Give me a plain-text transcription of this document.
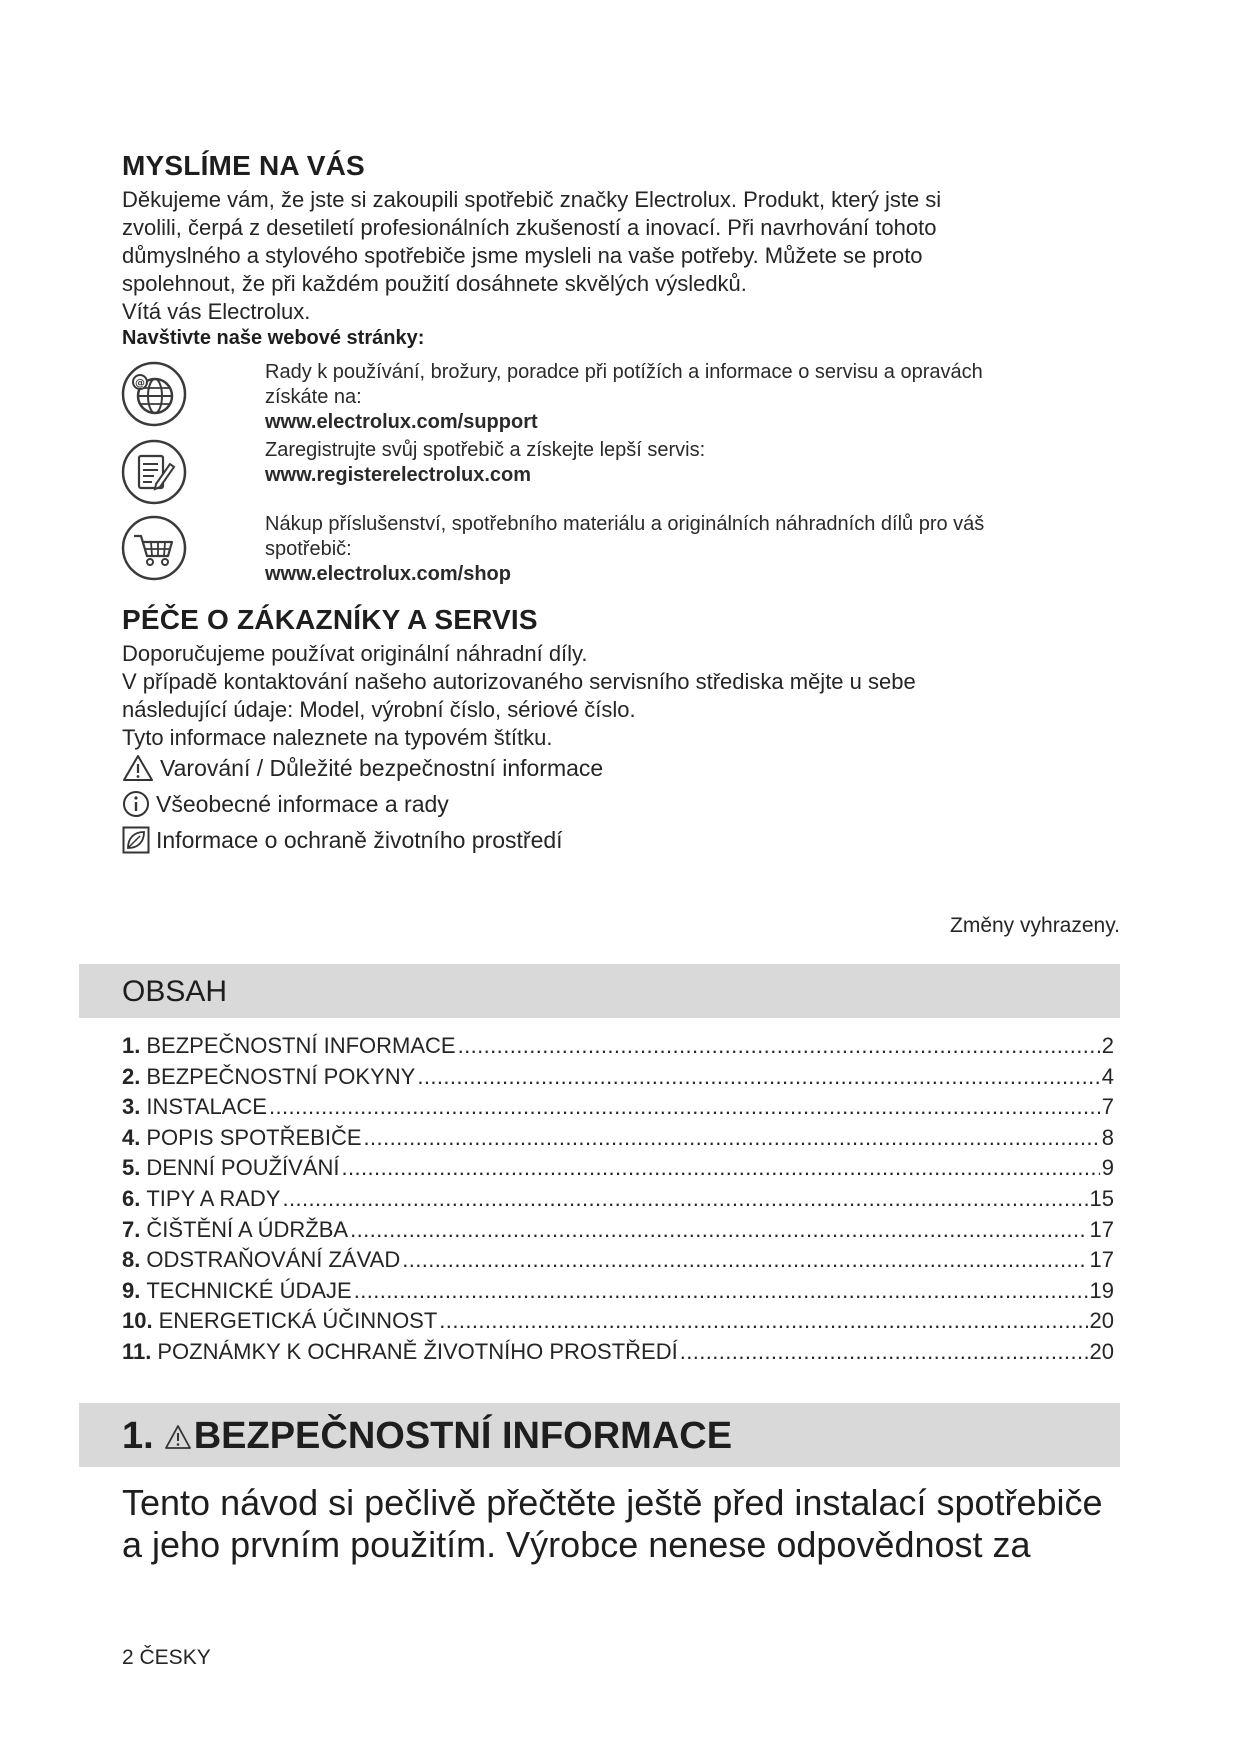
MYSLÍME NA VÁS

Děkujeme vám, že jste si zakoupili spotřebič značky Electrolux. Produkt, který jste si

zvolili, čerpá z desetiletí profesionálních zkušeností a inovací. Při navrhování tohoto

důmyslného a stylového spotřebiče jsme mysleli na vaše potřeby. Můžete se proto

spolehnout, že při každém použití dosáhnete skvělých výsledků.

Vítá vás Electrolux.

Navštivte naše webové stránky:
@

Rady k používání, brožury, poradce při potížích a informace o servisu a opravách

získáte na:

www.electrolux.com/support

Zaregistrujte svůj spotřebič a získejte lepší servis:

www.registerelectrolux.com

Nákup příslušenství, spotřebního materiálu a originálních náhradních dílů pro váš

spotřebič:

www.electrolux.com/shop

PÉČE O ZÁKAZNÍKY A SERVIS

Doporučujeme používat originální náhradní díly.

V případě kontaktování našeho autorizovaného servisního střediska mějte u sebe

následující údaje: Model, výrobní číslo, sériové číslo.

Tyto informace naleznete na typovém štítku.

Varování / Důležité bezpečnostní informace
Všeobecné informace a rady
Informace o ochraně životního prostředí
Změny vyhrazeny.
OBSAH
1. BEZPEČNOSTNÍ INFORMACE .....	2
2. BEZPEČNOSTNÍ POKYNY .....	4
3. INSTALACE .....	7
4. POPIS SPOTŘEBIČE .....	8
5. DENNÍ POUŽÍVÁNÍ .....	9
6. TIPY A RADY .....	15
7. ČIŠTĚNÍ A ÚDRŽBA .....	17
8. ODSTRAŇOVÁNÍ ZÁVAD .....	17
9. TECHNICKÉ ÚDAJE .....	19
10. ENERGETICKÁ ÚČINNOST .....	20
11. POZNÁMKY K OCHRANĚ ŽIVOTNÍHO PROSTŘEDÍ .....	20
1. BEZPEČNOSTNÍ INFORMACE

Tento návod si pečlivě přečtěte ještě před instalací spotřebiče

a jeho prvním použitím. Výrobce nenese odpovědnost za

2 ČESKY
